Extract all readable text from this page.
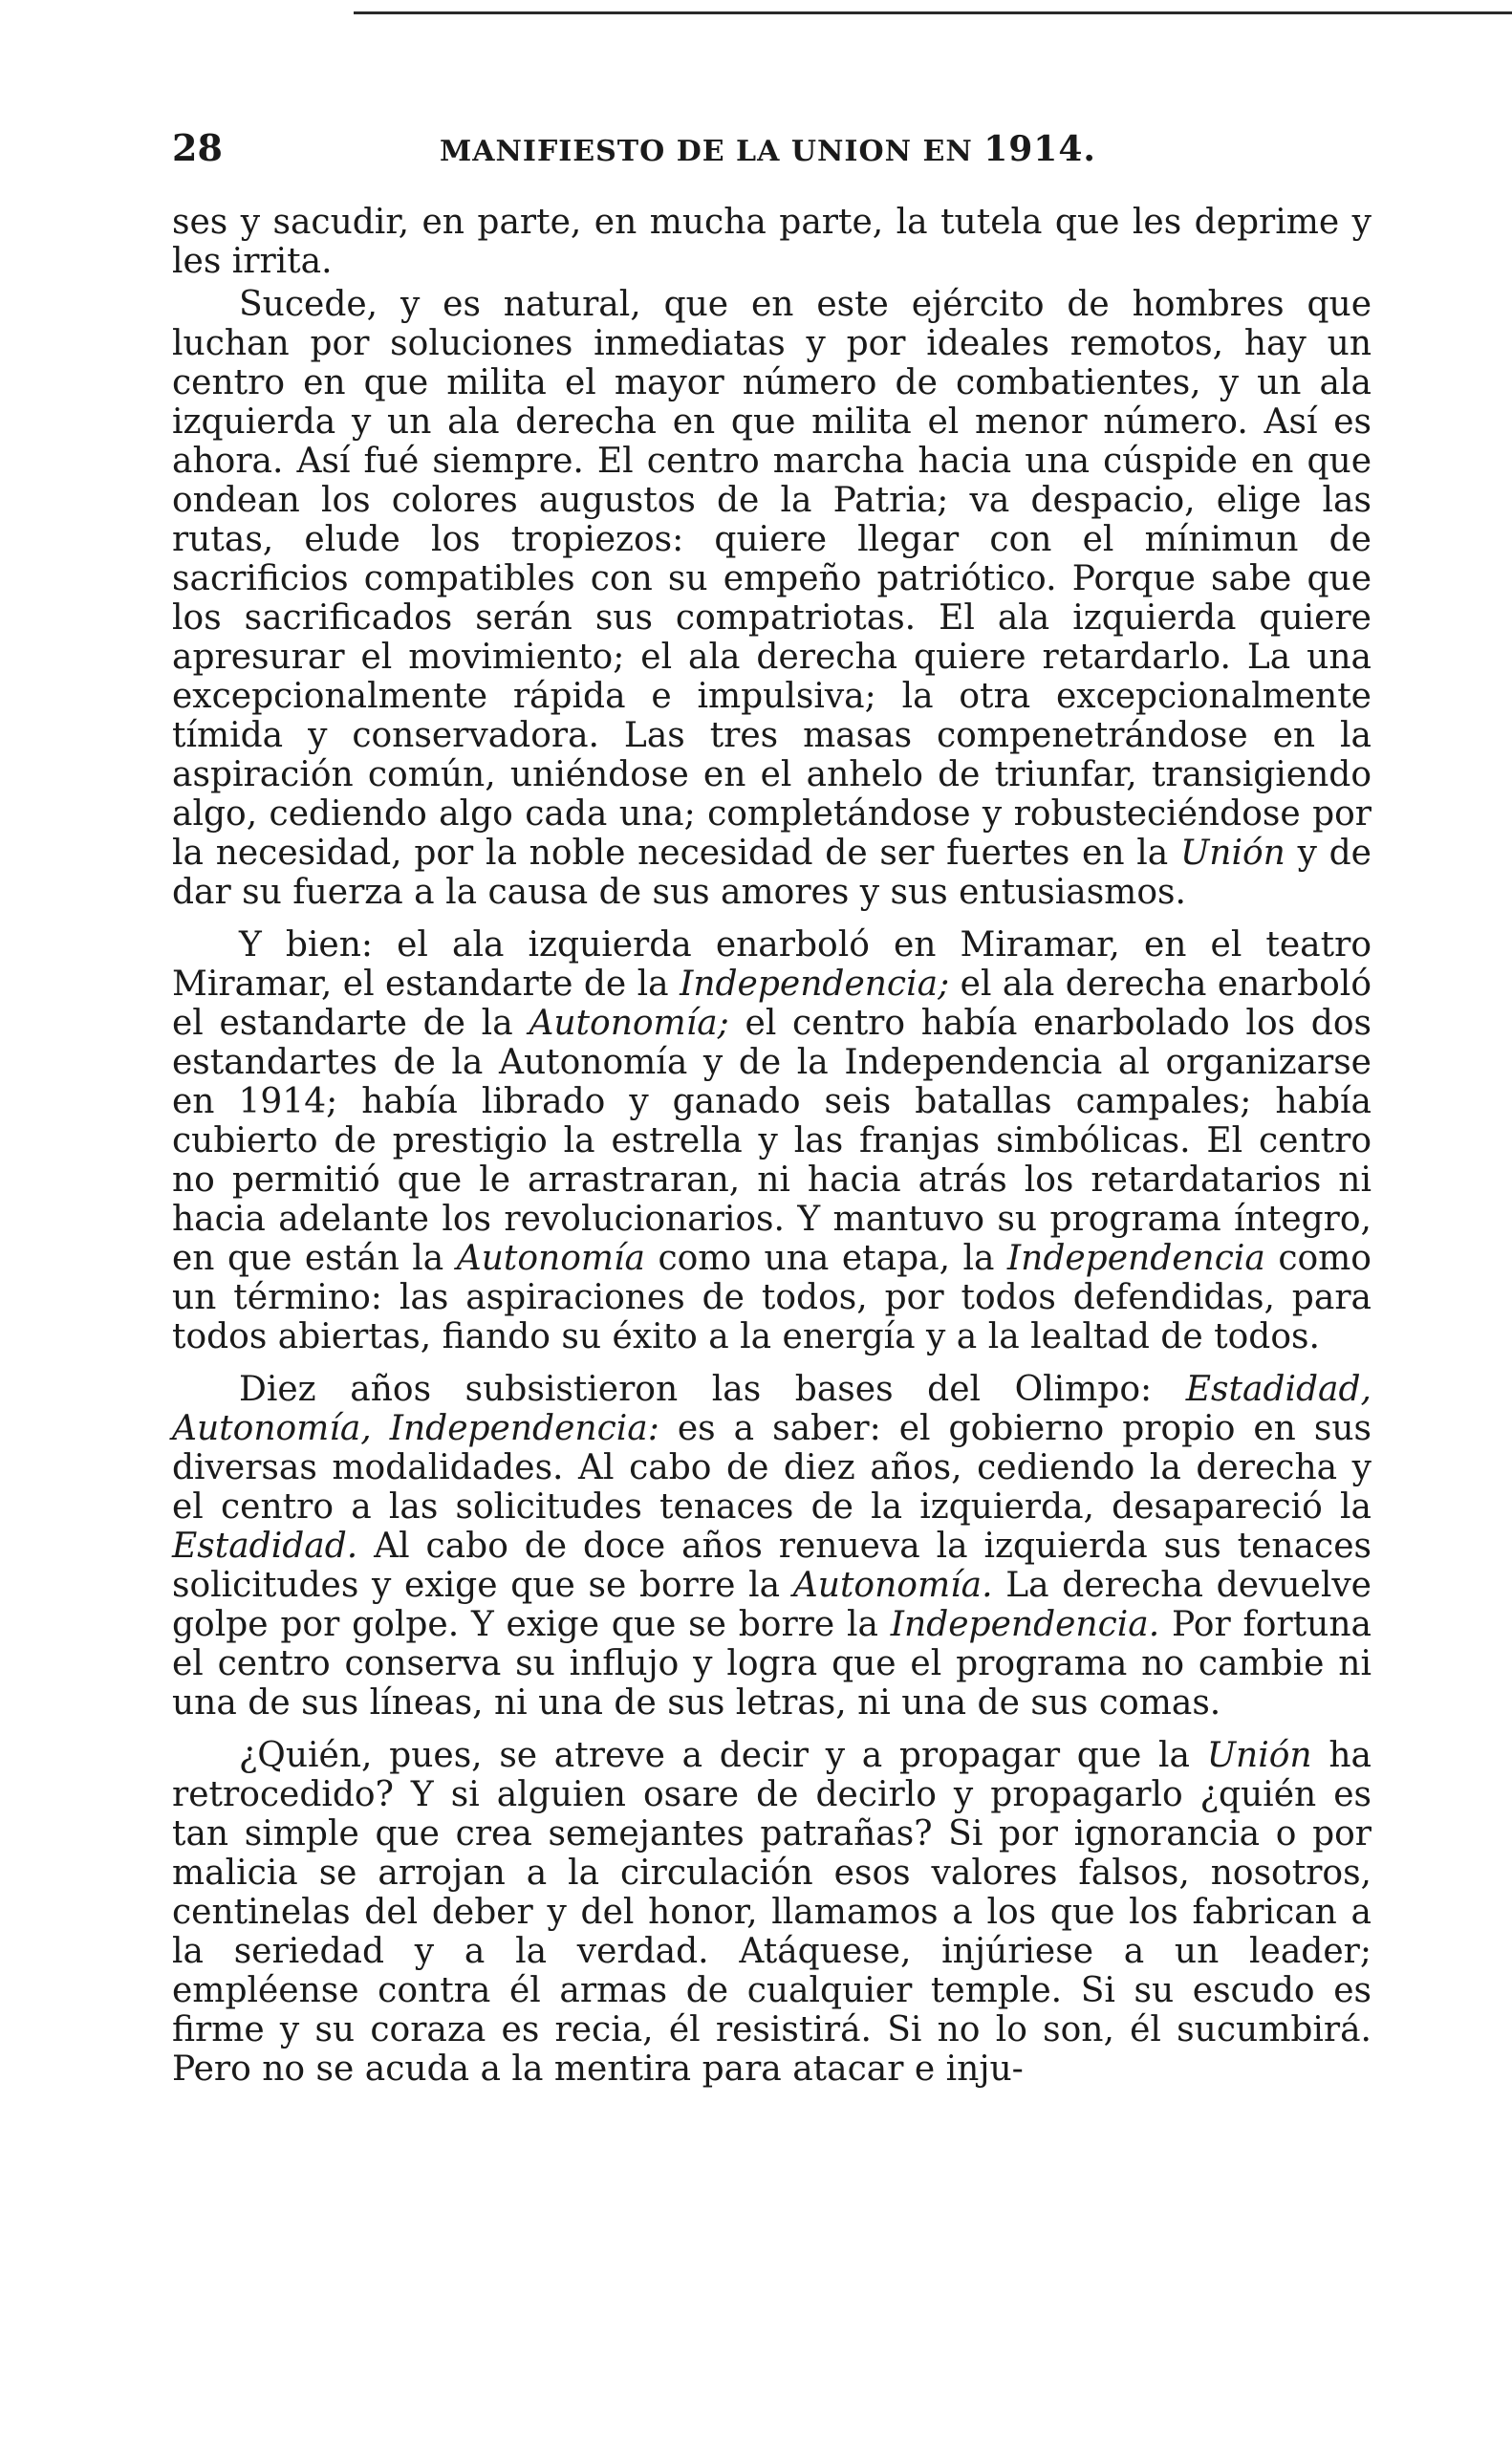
28	MANIFIESTO DE LA UNION EN 1914.

ses y sacudir, en parte, en mucha parte, la tutela que les deprime y les irrita.

Sucede, y es natural, que en este ejército de hombres que luchan por soluciones inmediatas y por ideales remotos, hay un centro en que milita el mayor número de combatientes, y un ala izquierda y un ala derecha en que milita el menor número. Así es ahora. Así fué siempre. El centro marcha hacia una cúspide en que ondean los colores augustos de la Patria; va despacio, elige las rutas, elude los tropiezos: quiere llegar con el mínimun de sacrificios compatibles con su empeño patriótico. Porque sabe que los sacrificados serán sus compatriotas. El ala izquierda quiere apresurar el movimiento; el ala derecha quiere retardarlo. La una excepcionalmente rápida e impulsiva; la otra excepcionalmente tímida y conservadora. Las tres masas compenetrándose en la aspiración común, uniéndose en el anhelo de triunfar, transigiendo algo, cediendo algo cada una; completándose y robusteciéndose por la necesidad, por la noble necesidad de ser fuertes en la Unión y de dar su fuerza a la causa de sus amores y sus entusiasmos.

Y bien: el ala izquierda enarboló en Miramar, en el teatro Miramar, el estandarte de la Independencia; el ala derecha enarboló el estandarte de la Autonomía; el centro había enarbolado los dos estandartes de la Autonomía y de la Independencia al organizarse en 1914; había librado y ganado seis batallas campales; había cubierto de prestigio la estrella y las franjas simbólicas. El centro no permitió que le arrastraran, ni hacia atrás los retardatarios ni hacia adelante los revolucionarios. Y mantuvo su programa íntegro, en que están la Autonomía como una etapa, la Independencia como un término: las aspiraciones de todos, por todos defendidas, para todos abiertas, fiando su éxito a la energía y a la lealtad de todos.

Diez años subsistieron las bases del Olimpo: Estadidad, Autonomía, Independencia: es a saber: el gobierno propio en sus diversas modalidades. Al cabo de diez años, cediendo la derecha y el centro a las solicitudes tenaces de la izquierda, desapareció la Estadidad. Al cabo de doce años renueva la izquierda sus tenaces solicitudes y exige que se borre la Autonomía. La derecha devuelve golpe por golpe. Y exige que se borre la Independencia. Por fortuna el centro conserva su influjo y logra que el programa no cambie ni una de sus líneas, ni una de sus letras, ni una de sus comas.

¿Quién, pues, se atreve a decir y a propagar que la Unión ha retrocedido? Y si alguien osare de decirlo y propagarlo ¿quién es tan simple que crea semejantes patrañas? Si por ignorancia o por malicia se arrojan a la circulación esos valores falsos, nosotros, centinelas del deber y del honor, llamamos a los que los fabrican a la seriedad y a la verdad. Atáquese, injúriese a un leader; empléense contra él armas de cualquier temple. Si su escudo es firme y su coraza es recia, él resistirá. Si no lo son, él sucumbirá. Pero no se acuda a la mentira para atacar e inju-
